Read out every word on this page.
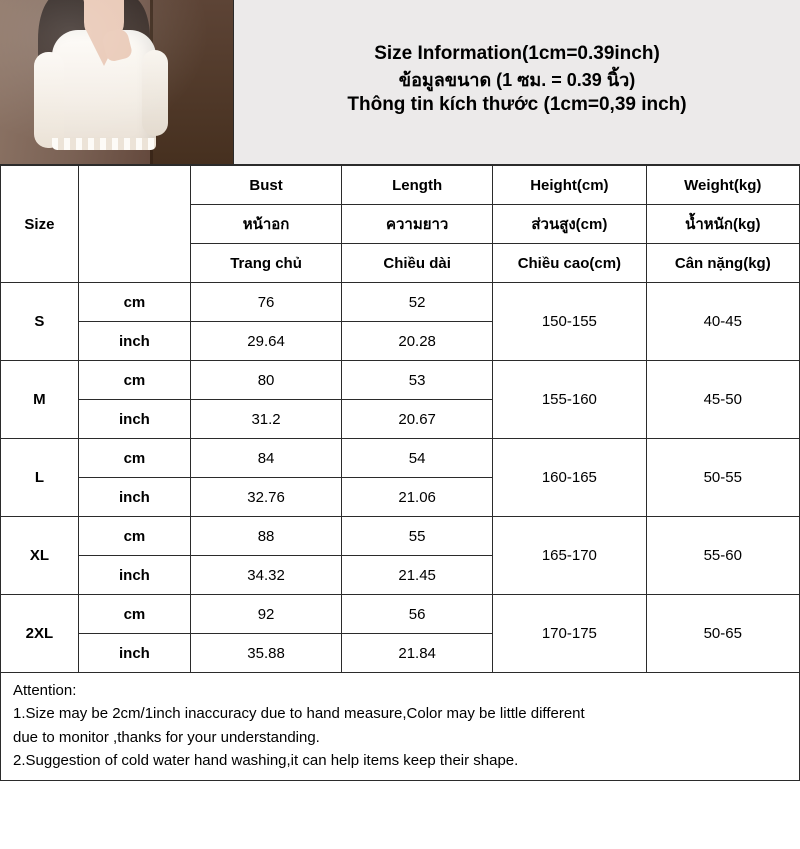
Size Information(1cm=0.39inch)
ข้อมูลขนาด (1 ซม. = 0.39 นิ้ว)
Thông tin kích thước (1cm=0,39 inch)
Size		Bust	Length	Height(cm)	Weight(kg)
		หน้าอก	ความยาว	ส่วนสูง(cm)	น้ำหนัก(kg)
		Trang chủ	Chiều dài	Chiều cao(cm)	Cân nặng(kg)
S	cm	76	52	150-155	40-45
	inch	29.64	20.28		
M	cm	80	53	155-160	45-50
	inch	31.2	20.67		
L	cm	84	54	160-165	50-55
	inch	32.76	21.06		
XL	cm	88	55	165-170	55-60
	inch	34.32	21.45		
2XL	cm	92	56	170-175	50-65
	inch	35.88	21.84		

Attention:

1.Size may be 2cm/1inch inaccuracy due to hand measure,Color may be little different

due to monitor ,thanks for your understanding.

2.Suggestion of cold water hand washing,it can help items keep their shape.
